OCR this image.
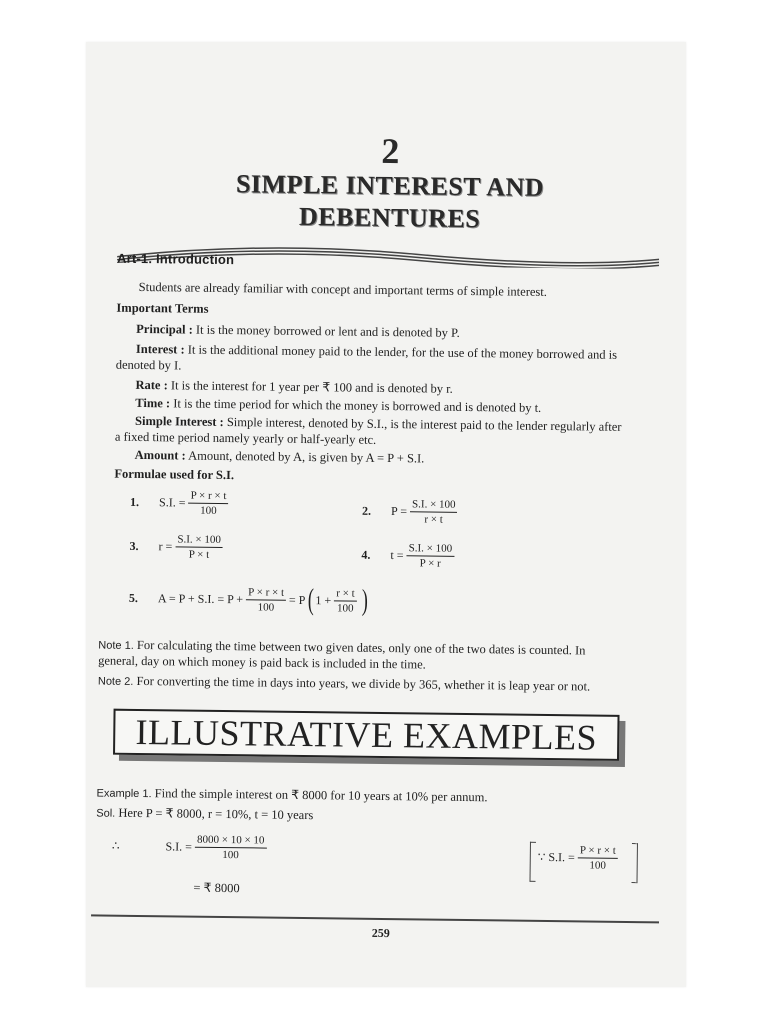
2
SIMPLE INTEREST AND
DEBENTURES
Art-1. Introduction
Students are already familiar with concept and important terms of simple interest.
Important Terms
Principal : It is the money borrowed or lent and is denoted by P.
Interest : It is the additional money paid to the lender, for the use of the money borrowed and is
denoted by I.
Rate : It is the interest for 1 year per ₹ 100 and is denoted by r.
Time : It is the time period for which the money is borrowed and is denoted by t.
Simple Interest : Simple interest, denoted by S.I., is the interest paid to the lender regularly after
a fixed time period namely yearly or half-yearly etc.
Amount : Amount, denoted by A, is given by A = P + S.I.
Formulae used for S.I.
1. S.I. = $\frac{P \times r \times t}{100}$	2. $P = \frac{S.I. \times 100}{r \times t}$
3. $r = \frac{S.I. \times 100}{P \times t}$	4. $t = \frac{S.I. \times 100}{P \times r}$
5. A = P + S.I. = $P + \frac{P \times r \times t}{100} = P$ ( $1 + \frac{r \times t}{100}$ )
Note 1. For calculating the time between two given dates, only one of the two dates is counted. In
general, day on which money is paid back is included in the time.
Note 2. For converting the time in days into years, we divide by 365, whether it is leap year or not.
ILLUSTRATIVE EXAMPLES
Example 1. Find the simple interest on ₹ 8000 for 10 years at 10% per annum.
Sol. Here P = ₹ 8000, r = 10%, t = 10 years
∴	S.I. = $\frac{8000 \times 10 \times 10}{100}$
= ₹ 8000
∵ S.I. = $\frac{P \times r \times t}{100}$
259
